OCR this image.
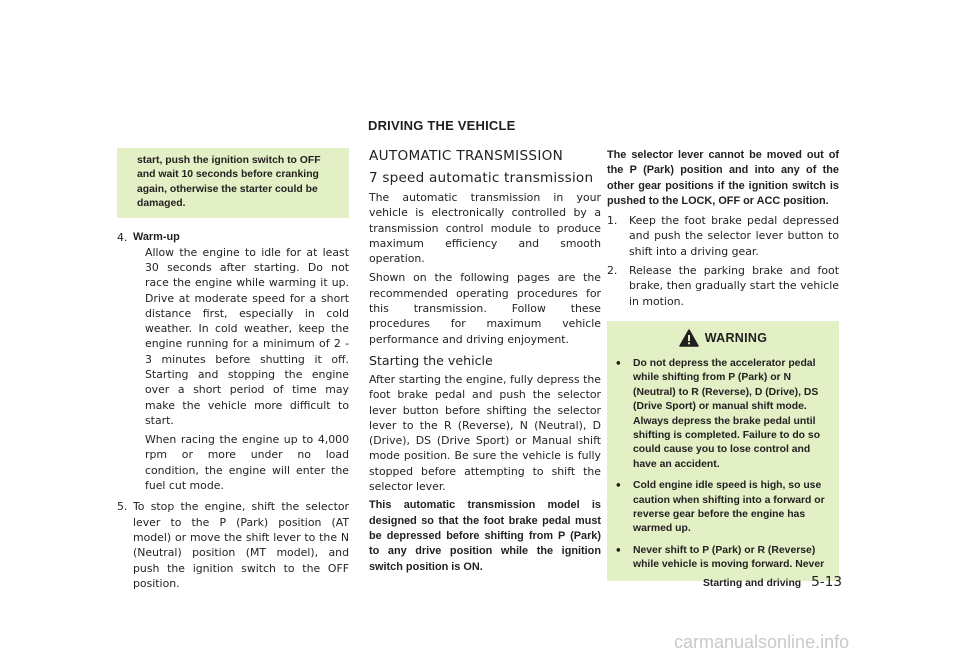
DRIVING THE VEHICLE
start, push the ignition switch to OFF and wait 10 seconds before cranking again, otherwise the starter could be damaged.
4. Warm-up

Allow the engine to idle for at least 30 seconds after starting. Do not race the engine while warming it up. Drive at moderate speed for a short distance first, especially in cold weather. In cold weather, keep the engine running for a minimum of 2 - 3 minutes before shutting it off. Starting and stopping the engine over a short period of time may make the vehicle more difficult to start.

When racing the engine up to 4,000 rpm or more under no load condition, the engine will enter the fuel cut mode.

5. To stop the engine, shift the selector lever to the P (Park) position (AT model) or move the shift lever to the N (Neutral) position (MT model), and push the ignition switch to the OFF position.

AUTOMATIC TRANSMISSION
7 speed automatic transmission

The automatic transmission in your vehicle is electronically controlled by a transmission control module to produce maximum efficiency and smooth operation.

Shown on the following pages are the recommended operating procedures for this transmission. Follow these procedures for maximum vehicle performance and driving enjoyment.

Starting the vehicle

After starting the engine, fully depress the foot brake pedal and push the selector lever button before shifting the selector lever to the R (Reverse), N (Neutral), D (Drive), DS (Drive Sport) or Manual shift mode position. Be sure the vehicle is fully stopped before attempting to shift the selector lever.

This automatic transmission model is designed so that the foot brake pedal must be depressed before shifting from P (Park) to any drive position while the ignition switch position is ON.
The selector lever cannot be moved out of the P (Park) position and into any of the other gear positions if the ignition switch is pushed to the LOCK, OFF or ACC position.
1.	Keep the foot brake pedal depressed and push the selector lever button to shift into a driving gear.
2.	Release the parking brake and foot brake, then gradually start the vehicle in motion.
WARNING
•	Do not depress the accelerator pedal while shifting from P (Park) or N (Neutral) to R (Reverse), D (Drive), DS (Drive Sport) or manual shift mode. Always depress the brake pedal until shifting is completed. Failure to do so could cause you to lose control and have an accident.
•	Cold engine idle speed is high, so use caution when shifting into a forward or reverse gear before the engine has warmed up.
•	Never shift to P (Park) or R (Reverse) while vehicle is moving forward. Never
Starting and driving 5-13
carmanualsonline.info
